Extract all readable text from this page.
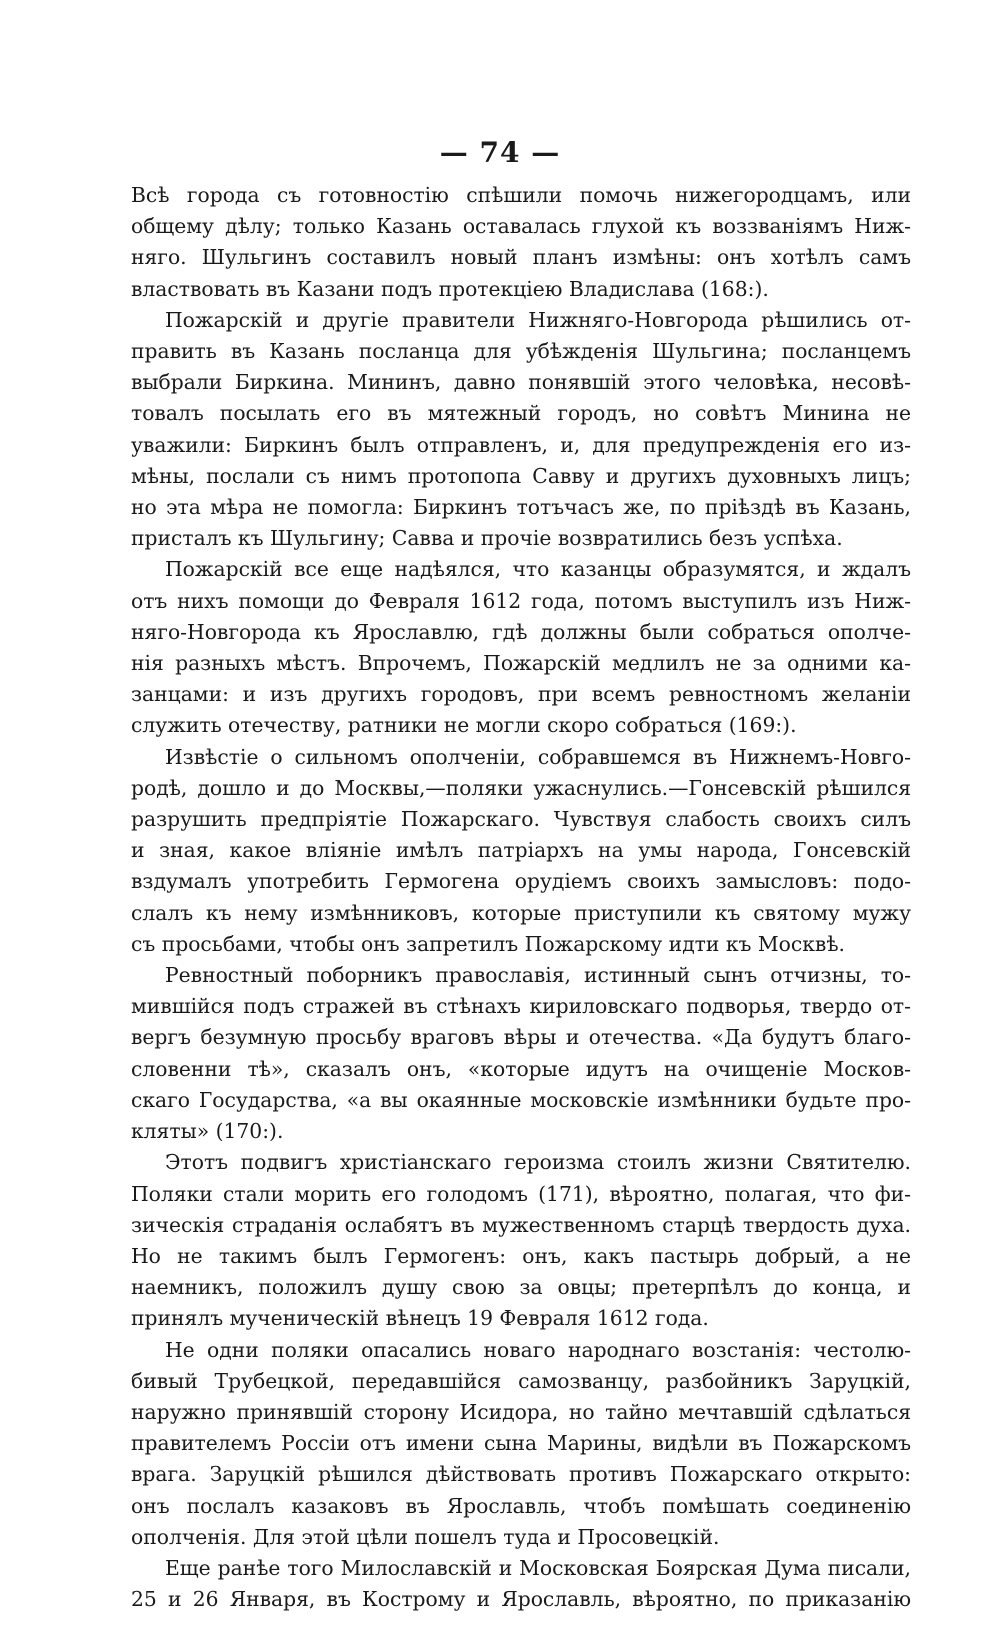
— 74 —
Всѣ города съ готовностію спѣшили помочь нижегородцамъ, или
общему дѣлу; только Казань оставалась глухой къ воззваніямъ Ниж-
няго. Шульгинъ составилъ новый планъ измѣны: онъ хотѣлъ самъ
властвовать въ Казани подъ протекціею Владислава (168:).
Пожарскій и другіе правители Нижняго-Новгорода рѣшились от-
править въ Казань посланца для убѣжденія Шульгина; посланцемъ
выбрали Биркина. Мининъ, давно понявшій этого человѣка, несовѣ-
товалъ посылать его въ мятежный городъ, но совѣтъ Минина не
уважили: Биркинъ былъ отправленъ, и, для предупрежденія его из-
мѣны, послали съ нимъ протопопа Савву и другихъ духовныхъ лицъ;
но эта мѣра не помогла: Биркинъ тотъчасъ же, по пріѣздѣ въ Казань,
присталъ къ Шульгину; Савва и прочіе возвратились безъ успѣха.
Пожарскій все еще надѣялся, что казанцы образумятся, и ждалъ
отъ нихъ помощи до Февраля 1612 года, потомъ выступилъ изъ Ниж-
няго-Новгорода къ Ярославлю, гдѣ должны были собраться ополче-
нія разныхъ мѣстъ. Впрочемъ, Пожарскій медлилъ не за одними ка-
занцами: и изъ другихъ городовъ, при всемъ ревностномъ желаніи
служить отечеству, ратники не могли скоро собраться (169:).
Извѣстіе о сильномъ ополченіи, собравшемся въ Нижнемъ-Новго-
родѣ, дошло и до Москвы,—поляки ужаснулись.—Гонсевскій рѣшился
разрушить предпріятіе Пожарскаго. Чувствуя слабость своихъ силъ
и зная, какое вліяніе имѣлъ патріархъ на умы народа, Гонсевскій
вздумалъ употребить Гермогена орудіемъ своихъ замысловъ: подо-
слалъ къ нему измѣнниковъ, которые приступили къ святому мужу
съ просьбами, чтобы онъ запретилъ Пожарскому идти къ Москвѣ.
Ревностный поборникъ православія, истинный сынъ отчизны, то-
мившійся подъ стражей въ стѣнахъ кириловскаго подворья, твердо от-
вергъ безумную просьбу враговъ вѣры и отечества. «Да будутъ благо-
словенни тѣ», сказалъ онъ, «которые идутъ на очищеніе Москов-
скаго Государства, «а вы окаянные московскіе измѣнники будьте про-
кляты» (170:).
Этотъ подвигъ христіанскаго героизма стоилъ жизни Святителю.
Поляки стали морить его голодомъ (171), вѣроятно, полагая, что фи-
зическія страданія ослабятъ въ мужественномъ старцѣ твердость духа.
Но не такимъ былъ Гермогенъ: онъ, какъ пастырь добрый, а не
наемникъ, положилъ душу свою за овцы; претерпѣлъ до конца, и
принялъ мученическій вѣнецъ 19 Февраля 1612 года.
Не одни поляки опасались новаго народнаго возстанія: честолю-
бивый Трубецкой, передавшійся самозванцу, разбойникъ Заруцкій,
наружно принявшій сторону Исидора, но тайно мечтавшій сдѣлаться
правителемъ Россіи отъ имени сына Марины, видѣли въ Пожарскомъ
врага. Заруцкій рѣшился дѣйствовать противъ Пожарскаго открыто:
онъ послалъ казаковъ въ Ярославль, чтобъ помѣшать соединенію
ополченія. Для этой цѣли пошелъ туда и Просовецкій.
Еще ранѣе того Милославскій и Московская Боярская Дума писали,
25 и 26 Января, въ Кострому и Ярославль, вѣроятно, по приказанію
